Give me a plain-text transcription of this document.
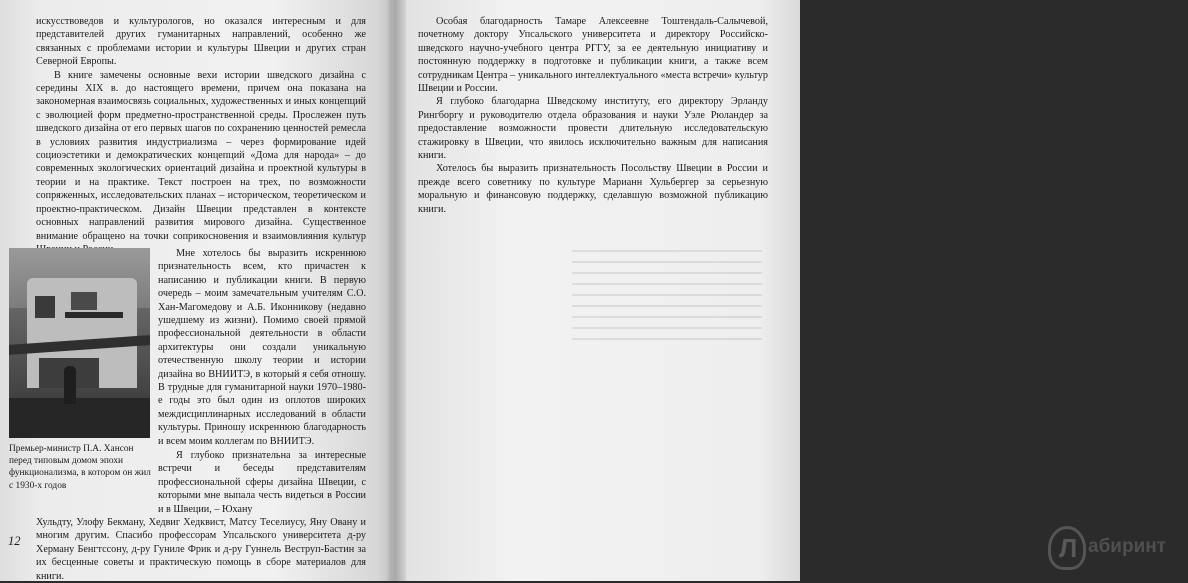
искусствоведов и культурологов, но оказался интересным и для представителей других гуманитарных направлений, особенно же связанных с проблемами истории и культуры Швеции и других стран Северной Европы.

В книге замечены основные вехи истории шведского дизайна с середины XIX в. до настоящего времени, причем она показана на закономерная взаимосвязь социальных, художественных и иных концепций с эволюцией форм предметно-пространственной среды. Прослежен путь шведского дизайна от его первых шагов по сохранению ценностей ремесла в условиях развития индустриализма – через формирование идей социоэстетики и демократических концепций «Дома для народа» – до современных экологических ориентаций дизайна и проектной культуры в теории и на практике. Текст построен на трех, по возможности сопряженных, исследовательских планах – историческом, теоретическом и проектно-практическом. Дизайн Швеции представлен в контексте основных направлений развития мирового дизайна. Существенное внимание обращено на точки соприкосновения и взаимовлияния культур

Мне хотелось бы выразить искреннюю признательность всем, кто причастен к написанию и публикации книги. В первую очередь – моим замечательным учителям С.О. Хан-Магомедову и А.Б. Иконникову (недавно ушедшему из жизни). Помимо своей прямой профессиональной деятельности в области архитектуры они создали уникальную отечественную школу теории и истории дизайна во ВНИИТЭ, в который я себя отношу. В трудные для гуманитарной науки 1970–1980-е годы это был один из оплотов широких междисциплинарных исследований в области культуры. Приношу искреннюю благодарность и всем моим коллегам по ВНИИТЭ.

Премьер-министр П.А. Хансон перед типовым домом эпохи функционализма, в котором он жил с 1930-х годов

Я глубоко признательна за интересные встречи и беседы представителям профессиональной сферы дизайна Швеции, с которыми мне выпала честь видеться в России и в Швеции, – Юхану

Хульдту, Улофу Бекману, Хедвиг Хедквист, Матсу Теселиусу, Яну Овану и многим другим. Спасибо профессорам Упсальского университета д-ру Херману Бенгтссону, д-ру Гуниле Фрик и д-ру Гуннель Веструп-Бастин за их бесценные советы и практическую помощь в сборе материалов для книги.

12

Особая благодарность Тамаре Алексеевне Тоштендаль-Салычевой, почетному доктору Упсальского университета и директору Российско-шведского научно-учебного центра РГГУ, за ее деятельную инициативу и постоянную поддержку в подготовке и публикации книги, а также всем сотрудникам Центра – уникального интеллектуального «места встречи» культур Швеции и России.

Я глубоко благодарна Шведскому институту, его директору Эрланду Рингборгу и руководителю отдела образования и науки Уэле Рюландер за предоставление возможности провести длительную исследовательскую стажировку в Швеции, что явилось исключительно важным для написания книги.

Хотелось бы выразить признательность Посольству Швеции в России и прежде всего советнику по культуре Марианн Хульбергер за серьезную моральную и финансовую поддержку, сделавшую возможной публикацию книги.

Л абиринт
